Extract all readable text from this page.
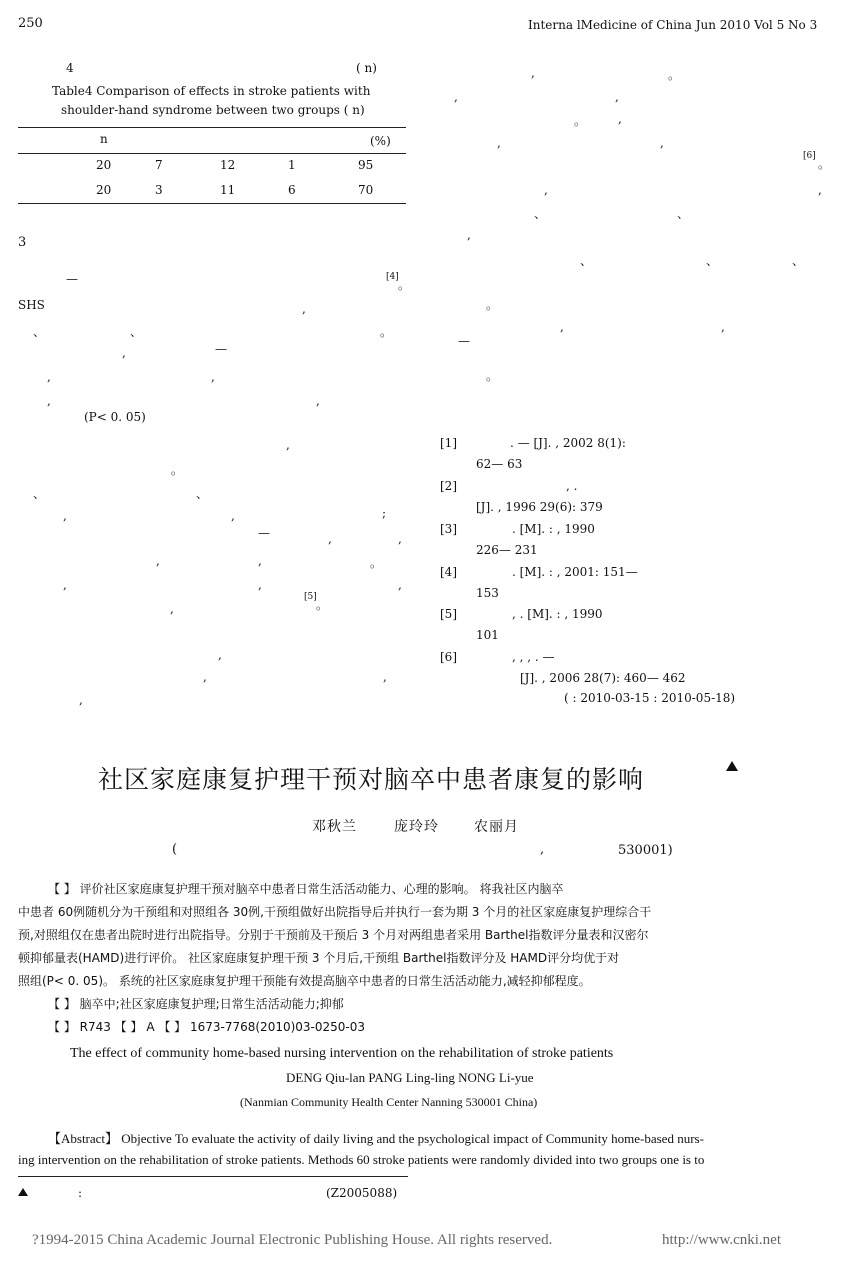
250	Interna lMedicine of China Jun 2010 Vol 5 No 3
4	( n)
Table4 Comparison of effects in stroke patients with
shoulder-hand syndrome between two groups ( n)
n	(%)
20	7	12	1	95
20	3	11	6	70
3
—	[4]
。
SHS
(P< 0. 05)
[5]
。
,
、	、	。
,	—
,	,
,	,
,
。
、	、
,	,	;
—	,	,
,	,	。
,	,	,
,
,
,	,
,
,	。
,	,
。	,
,	,
,	,
、	、
,
、	、	、
。
,	,
。
[6]
。
—
[1]	. — [J]. , 2002 8(1):
62— 63
[2]	, .
[J]. , 1996 29(6): 379
[3]	. [M]. : , 1990
226— 231
[4]	. [M]. : , 2001: 151—
153
[5]	, . [M]. : , 1990
101
[6]	, , , . —
[J]. , 2006 28(7): 460— 462
( : 2010-03-15 : 2010-05-18)
社区家庭康复护理干预对脑卒中患者康复的影响
邓秋兰	庞玲玲	农丽月
(	,	530001)
【 】 评价社区家庭康复护理干预对脑卒中患者日常生活活动能力、心理的影响。 将我社区内脑卒
中患者 60例随机分为干预组和对照组各 30例,干预组做好出院指导后并执行一套为期 3 个月的社区家庭康复护理综合干
预,对照组仅在患者出院时进行出院指导。分别于干预前及干预后 3 个月对两组患者采用 Barthel指数评分量表和汉密尔
顿抑郁量表(HAMD)进行评价。 社区家庭康复护理干预 3 个月后,干预组 Barthel指数评分及 HAMD评分均优于对
照组(P< 0. 05)。 系统的社区家庭康复护理干预能有效提高脑卒中患者的日常生活活动能力,减轻抑郁程度。
【 】 脑卒中;社区家庭康复护理;日常生活活动能力;抑郁
【 】 R743 【 】 A 【 】 1673-7768(2010)03-0250-03
The effect of community home-based nursing intervention on the rehabilitation of stroke patients
DENG Qiu-lan PANG Ling-ling NONG Li-yue
(Nanmian Community Health Center Nanning 530001 China)
【Abstract】 Objective To evaluate the activity of daily living and the psychological impact of Community home-based nurs-
ing intervention on the rehabilitation of stroke patients. Methods 60 stroke patients were randomly divided into two groups one is to
:	(Z2005088)
?1994-2015 China Academic Journal Electronic Publishing House. All rights reserved.	http://www.cnki.net
